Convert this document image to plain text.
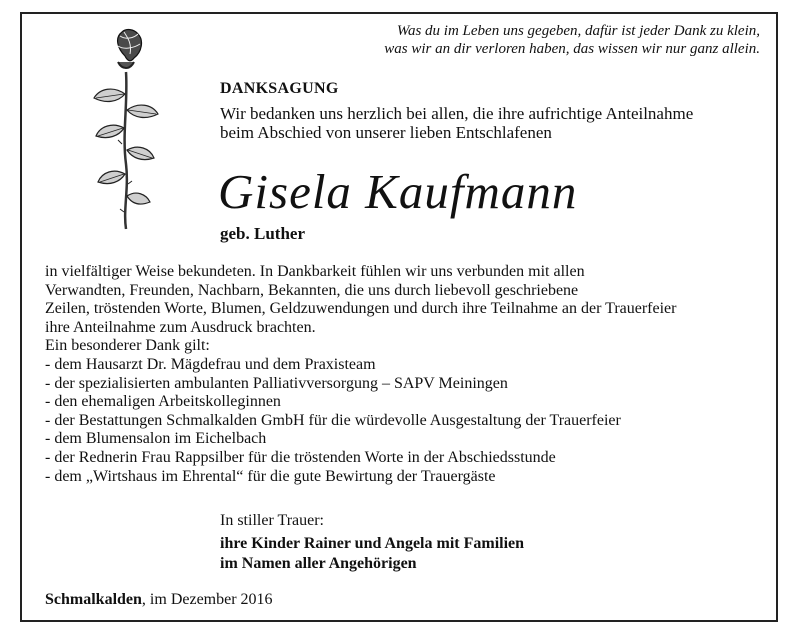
Was du im Leben uns gegeben, dafür ist jeder Dank zu klein,
was wir an dir verloren haben, das wissen wir nur ganz allein.
DANKSAGUNG
Wir bedanken uns herzlich bei allen, die ihre aufrichtige Anteilnahme
beim Abschied von unserer lieben Entschlafenen
Gisela Kaufmann
geb. Luther
in vielfältiger Weise bekundeten. In Dankbarkeit fühlen wir uns verbunden mit allen
Verwandten, Freunden, Nachbarn, Bekannten, die uns durch liebevoll geschriebene
Zeilen, tröstenden Worte, Blumen, Geldzuwendungen und durch ihre Teilnahme an der Trauerfeier
ihre Anteilnahme zum Ausdruck brachten.
Ein besonderer Dank gilt:
- dem Hausarzt Dr. Mägdefrau und dem Praxisteam
- der spezialisierten ambulanten Palliativversorgung – SAPV Meiningen
- den ehemaligen Arbeitskolleginnen
- der Bestattungen Schmalkalden GmbH für die würdevolle Ausgestaltung der Trauerfeier
- dem Blumensalon im Eichelbach
- der Rednerin Frau Rappsilber für die tröstenden Worte in der Abschiedsstunde
- dem „Wirtshaus im Ehrental“ für die gute Bewirtung der Trauergäste
In stiller Trauer:
ihre Kinder Rainer und Angela mit Familien
im Namen aller Angehörigen
Schmalkalden, im Dezember 2016
